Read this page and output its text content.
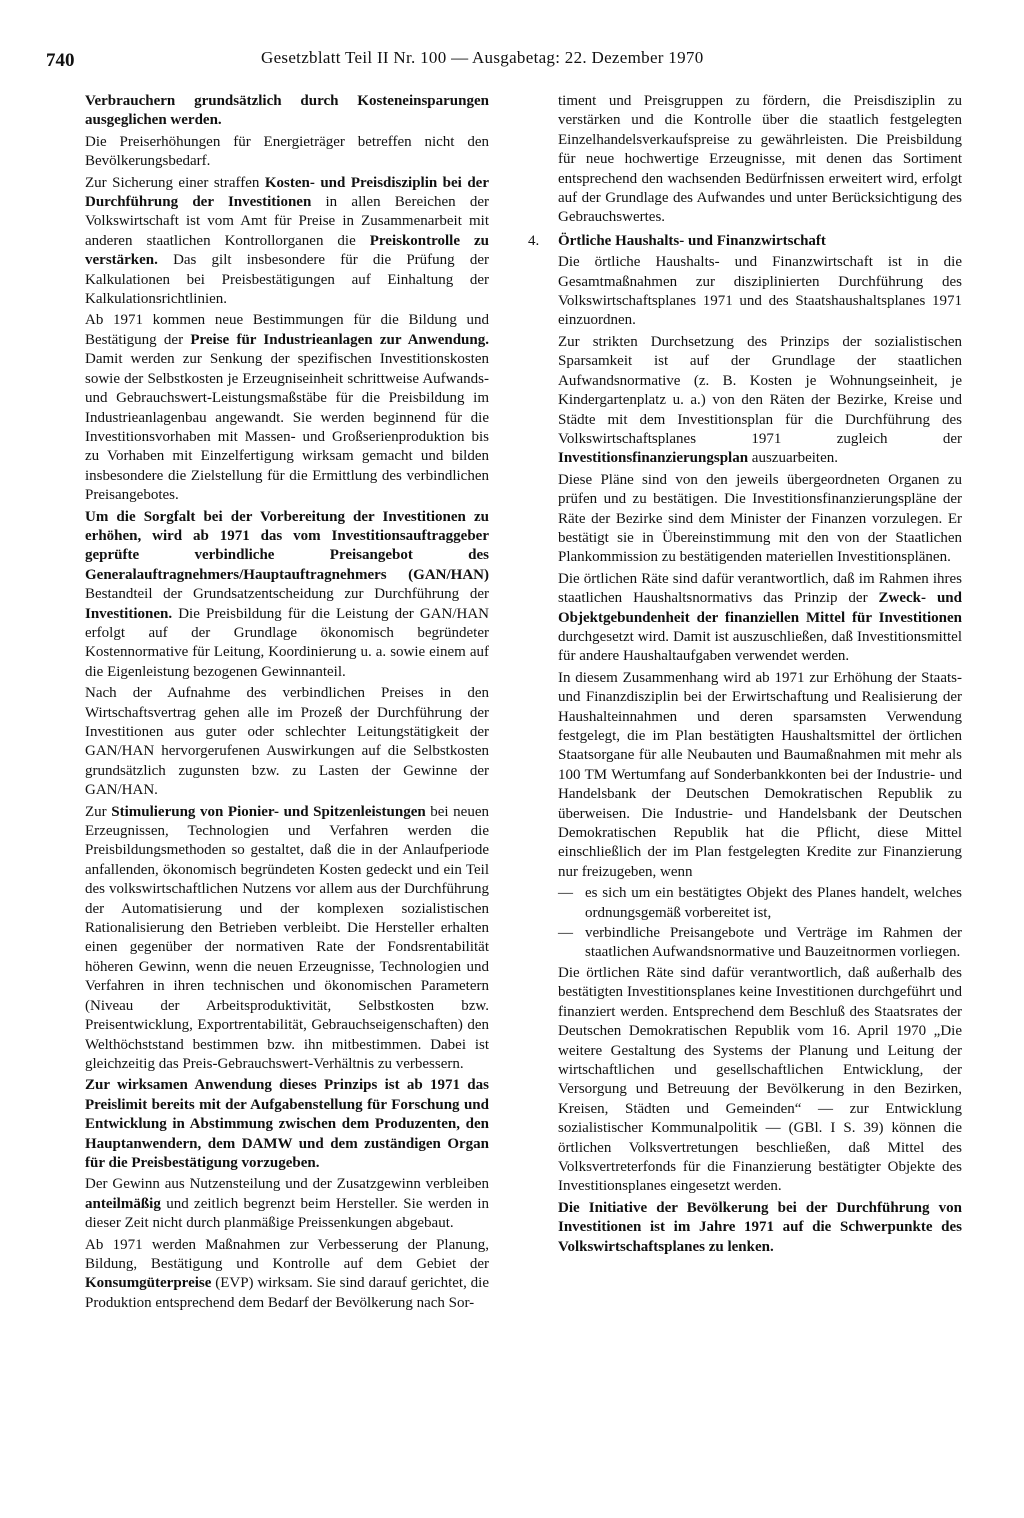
740	Gesetzblatt Teil II Nr. 100 — Ausgabetag: 22. Dezember 1970

Verbrauchern grundsätzlich durch Kosteneinsparungen ausgeglichen werden.

Die Preiserhöhungen für Energieträger betreffen nicht den Bevölkerungsbedarf.

Zur Sicherung einer straffen Kosten- und Preisdisziplin bei der Durchführung der Investitionen in allen Bereichen der Volkswirtschaft ist vom Amt für Preise in Zusammenarbeit mit anderen staatlichen Kontrollorganen die Preiskontrolle zu verstärken. Das gilt insbesondere für die Prüfung der Kalkulationen bei Preisbestätigungen auf Einhaltung der Kalkulationsrichtlinien.

Ab 1971 kommen neue Bestimmungen für die Bildung und Bestätigung der Preise für Industrieanlagen zur Anwendung. Damit werden zur Senkung der spezifischen Investitionskosten sowie der Selbstkosten je Erzeugniseinheit schrittweise Aufwands- und Gebrauchswert-Leistungsmaßstäbe für die Preisbildung im Industrieanlagenbau angewandt. Sie werden beginnend für die Investitionsvorhaben mit Massen- und Großserienproduktion bis zu Vorhaben mit Einzelfertigung wirksam gemacht und bilden insbesondere die Zielstellung für die Ermittlung des verbindlichen Preisangebotes.

Um die Sorgfalt bei der Vorbereitung der Investitionen zu erhöhen, wird ab 1971 das vom Investitionsauftraggeber geprüfte verbindliche Preisangebot des Generalauftragnehmers/Hauptauftragnehmers (GAN/HAN) Bestandteil der Grundsatzentscheidung zur Durchführung der Investitionen. Die Preisbildung für die Leistung der GAN/HAN erfolgt auf der Grundlage ökonomisch begründeter Kostennormative für Leitung, Koordinierung u. a. sowie einem auf die Eigenleistung bezogenen Gewinnanteil.

Nach der Aufnahme des verbindlichen Preises in den Wirtschaftsvertrag gehen alle im Prozeß der Durchführung der Investitionen aus guter oder schlechter Leitungstätigkeit der GAN/HAN hervorgerufenen Auswirkungen auf die Selbstkosten grundsätzlich zugunsten bzw. zu Lasten der Gewinne der GAN/HAN.

Zur Stimulierung von Pionier- und Spitzenleistungen bei neuen Erzeugnissen, Technologien und Verfahren werden die Preisbildungsmethoden so gestaltet, daß die in der Anlaufperiode anfallenden, ökonomisch begründeten Kosten gedeckt und ein Teil des volkswirtschaftlichen Nutzens vor allem aus der Durchführung der Automatisierung und der komplexen sozialistischen Rationalisierung den Betrieben verbleibt. Die Hersteller erhalten einen gegenüber der normativen Rate der Fondsrentabilität höheren Gewinn, wenn die neuen Erzeugnisse, Technologien und Verfahren in ihren technischen und ökonomischen Parametern (Niveau der Arbeitsproduktivität, Selbstkosten bzw. Preisentwicklung, Exportrentabilität, Gebrauchseigenschaften) den Welthöchststand bestimmen bzw. ihn mitbestimmen. Dabei ist gleichzeitig das Preis-Gebrauchswert-Verhältnis zu verbessern.

Zur wirksamen Anwendung dieses Prinzips ist ab 1971 das Preislimit bereits mit der Aufgabenstellung für Forschung und Entwicklung in Abstimmung zwischen dem Produzenten, den Hauptanwendern, dem DAMW und dem zuständigen Organ für die Preisbestätigung vorzugeben.

Der Gewinn aus Nutzensteilung und der Zusatzgewinn verbleiben anteilmäßig und zeitlich begrenzt beim Hersteller. Sie werden in dieser Zeit nicht durch planmäßige Preissenkungen abgebaut.

Ab 1971 werden Maßnahmen zur Verbesserung der Planung, Bildung, Bestätigung und Kontrolle auf dem Gebiet der Konsumgüterpreise (EVP) wirksam. Sie sind darauf gerichtet, die Produktion entsprechend dem Bedarf der Bevölkerung nach Sor-

timent und Preisgruppen zu fördern, die Preisdisziplin zu verstärken und die Kontrolle über die staatlich festgelegten Einzelhandelsverkaufspreise zu gewährleisten. Die Preisbildung für neue hochwertige Erzeugnisse, mit denen das Sortiment entsprechend den wachsenden Bedürfnissen erweitert wird, erfolgt auf der Grundlage des Aufwandes und unter Berücksichtigung des Gebrauchswertes.

4. Örtliche Haushalts- und Finanzwirtschaft

Die örtliche Haushalts- und Finanzwirtschaft ist in die Gesamtmaßnahmen zur disziplinierten Durchführung des Volkswirtschaftsplanes 1971 und des Staatshaushaltsplanes 1971 einzuordnen.

Zur strikten Durchsetzung des Prinzips der sozialistischen Sparsamkeit ist auf der Grundlage der staatlichen Aufwandsnormative (z. B. Kosten je Wohnungseinheit, je Kindergartenplatz u. a.) von den Räten der Bezirke, Kreise und Städte mit dem Investitionsplan für die Durchführung des Volkswirtschaftsplanes 1971 zugleich der Investitionsfinanzierungsplan auszuarbeiten.

Diese Pläne sind von den jeweils übergeordneten Organen zu prüfen und zu bestätigen. Die Investitionsfinanzierungspläne der Räte der Bezirke sind dem Minister der Finanzen vorzulegen. Er bestätigt sie in Übereinstimmung mit den von der Staatlichen Plankommission zu bestätigenden materiellen Investitionsplänen.

Die örtlichen Räte sind dafür verantwortlich, daß im Rahmen ihres staatlichen Haushaltsnormativs das Prinzip der Zweck- und Objektgebundenheit der finanziellen Mittel für Investitionen durchgesetzt wird. Damit ist auszuschließen, daß Investitionsmittel für andere Haushaltaufgaben verwendet werden.

In diesem Zusammenhang wird ab 1971 zur Erhöhung der Staats- und Finanzdisziplin bei der Erwirtschaftung und Realisierung der Haushalteinnahmen und deren sparsamsten Verwendung festgelegt, die im Plan bestätigten Haushaltsmittel der örtlichen Staatsorgane für alle Neubauten und Baumaßnahmen mit mehr als 100 TM Wertumfang auf Sonderbankkonten bei der Industrie- und Handelsbank der Deutschen Demokratischen Republik zu überweisen. Die Industrie- und Handelsbank der Deutschen Demokratischen Republik hat die Pflicht, diese Mittel einschließlich der im Plan festgelegten Kredite zur Finanzierung nur freizugeben, wenn

— es sich um ein bestätigtes Objekt des Planes handelt, welches ordnungsgemäß vorbereitet ist,

— verbindliche Preisangebote und Verträge im Rahmen der staatlichen Aufwandsnormative und Bauzeitnormen vorliegen.

Die örtlichen Räte sind dafür verantwortlich, daß außerhalb des bestätigten Investitionsplanes keine Investitionen durchgeführt und finanziert werden. Entsprechend dem Beschluß des Staatsrates der Deutschen Demokratischen Republik vom 16. April 1970 „Die weitere Gestaltung des Systems der Planung und Leitung der wirtschaftlichen und gesellschaftlichen Entwicklung, der Versorgung und Betreuung der Bevölkerung in den Bezirken, Kreisen, Städten und Gemeinden“ — zur Entwicklung sozialistischer Kommunalpolitik — (GBl. I S. 39) können die örtlichen Volksvertretungen beschließen, daß Mittel des Volksvertreterfonds für die Finanzierung bestätigter Objekte des Investitionsplanes eingesetzt werden.

Die Initiative der Bevölkerung bei der Durchführung von Investitionen ist im Jahre 1971 auf die Schwerpunkte des Volkswirtschaftsplanes zu lenken.
